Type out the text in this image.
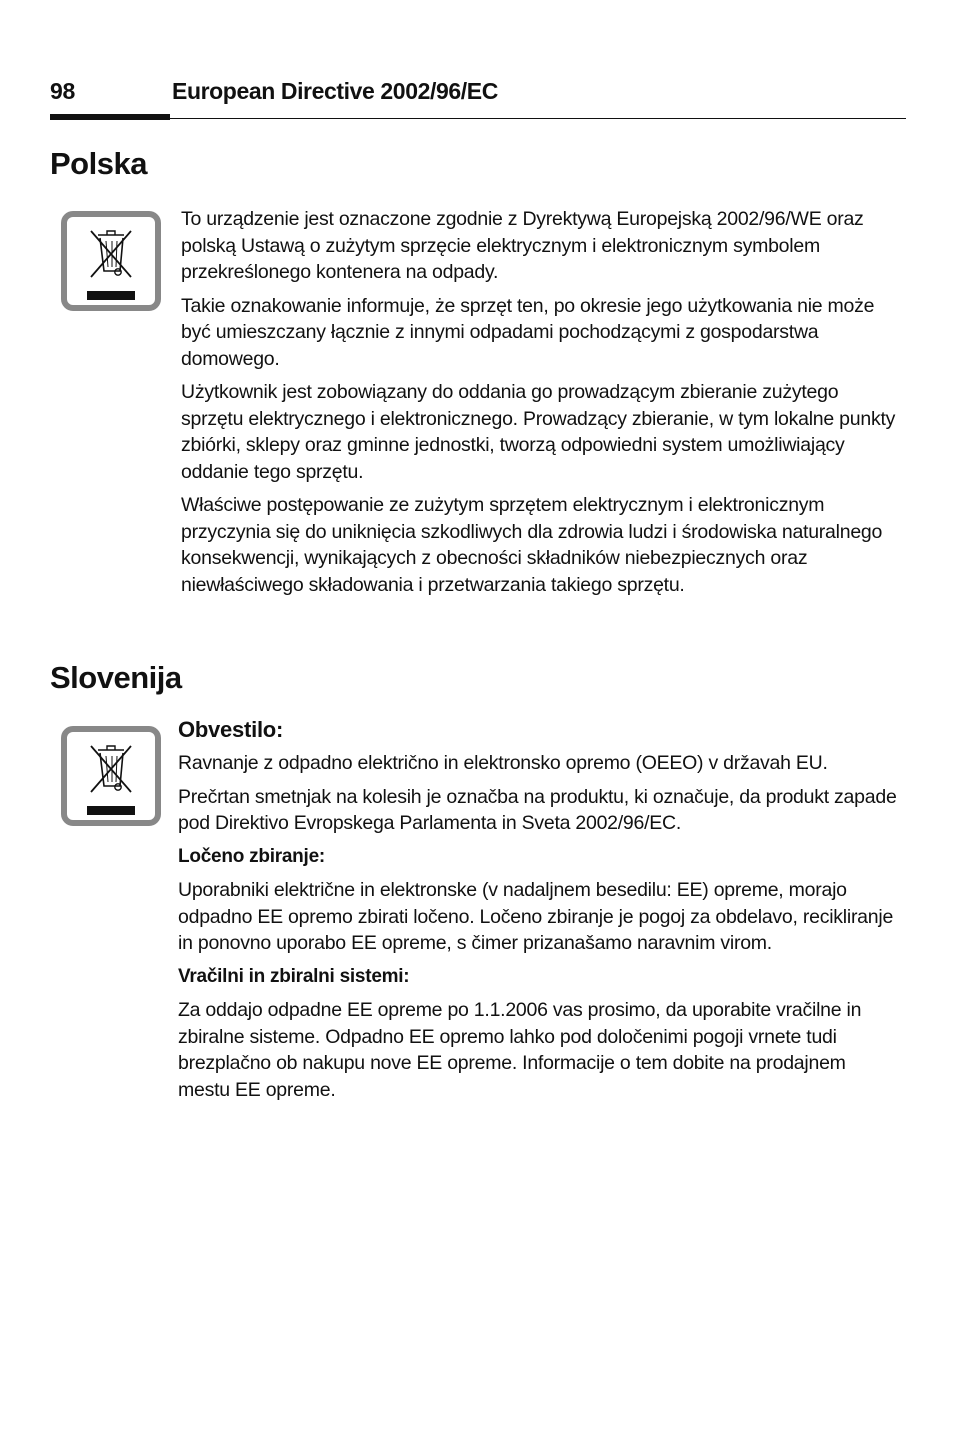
98	European Directive 2002/96/EC
Polska

To urządzenie jest oznaczone zgodnie z Dyrektywą Europejską 2002/96/WE oraz polską Ustawą o zużytym sprzęcie elektrycznym i elektronicznym symbolem przekreślonego kontenera na odpady.

Takie oznakowanie informuje, że sprzęt ten, po okresie jego użytkowania nie może być umieszczany łącznie z innymi odpadami pochodzącymi z gospodarstwa domowego.

Użytkownik jest zobowiązany do oddania go prowadzącym zbieranie zużytego sprzętu elektrycznego i elektronicznego. Prowadzący zbieranie, w tym lokalne punkty zbiórki, sklepy oraz gminne jednostki, tworzą odpowiedni system umożliwiający oddanie tego sprzętu.

Właściwe postępowanie ze zużytym sprzętem elektrycznym i elektronicznym przyczynia się do uniknięcia szkodliwych dla zdrowia ludzi i środowiska naturalnego konsekwencji, wynikających z obecności składników niebezpiecznych oraz niewłaściwego składowania i przetwarzania takiego sprzętu.

Slovenija

Obvestilo:

Ravnanje z odpadno električno in elektronsko opremo (OEEO) v državah EU.

Prečrtan smetnjak na kolesih je označba na produktu, ki označuje, da produkt zapade pod Direktivo Evropskega Parlamenta in Sveta 2002/96/EC.

Ločeno zbiranje:

Uporabniki električne in elektronske (v nadaljnem besedilu: EE) opreme, morajo odpadno EE opremo zbirati ločeno. Ločeno zbiranje je pogoj za obdelavo, recikliranje in ponovno uporabo EE opreme, s čimer prizanašamo naravnim virom.

Vračilni in zbiralni sistemi:

Za oddajo odpadne EE opreme po 1.1.2006 vas prosimo, da uporabite vračilne in zbiralne sisteme. Odpadno EE opremo lahko pod določenimi pogoji vrnete tudi brezplačno ob nakupu nove EE opreme. Informacije o tem dobite na prodajnem mestu EE opreme.
